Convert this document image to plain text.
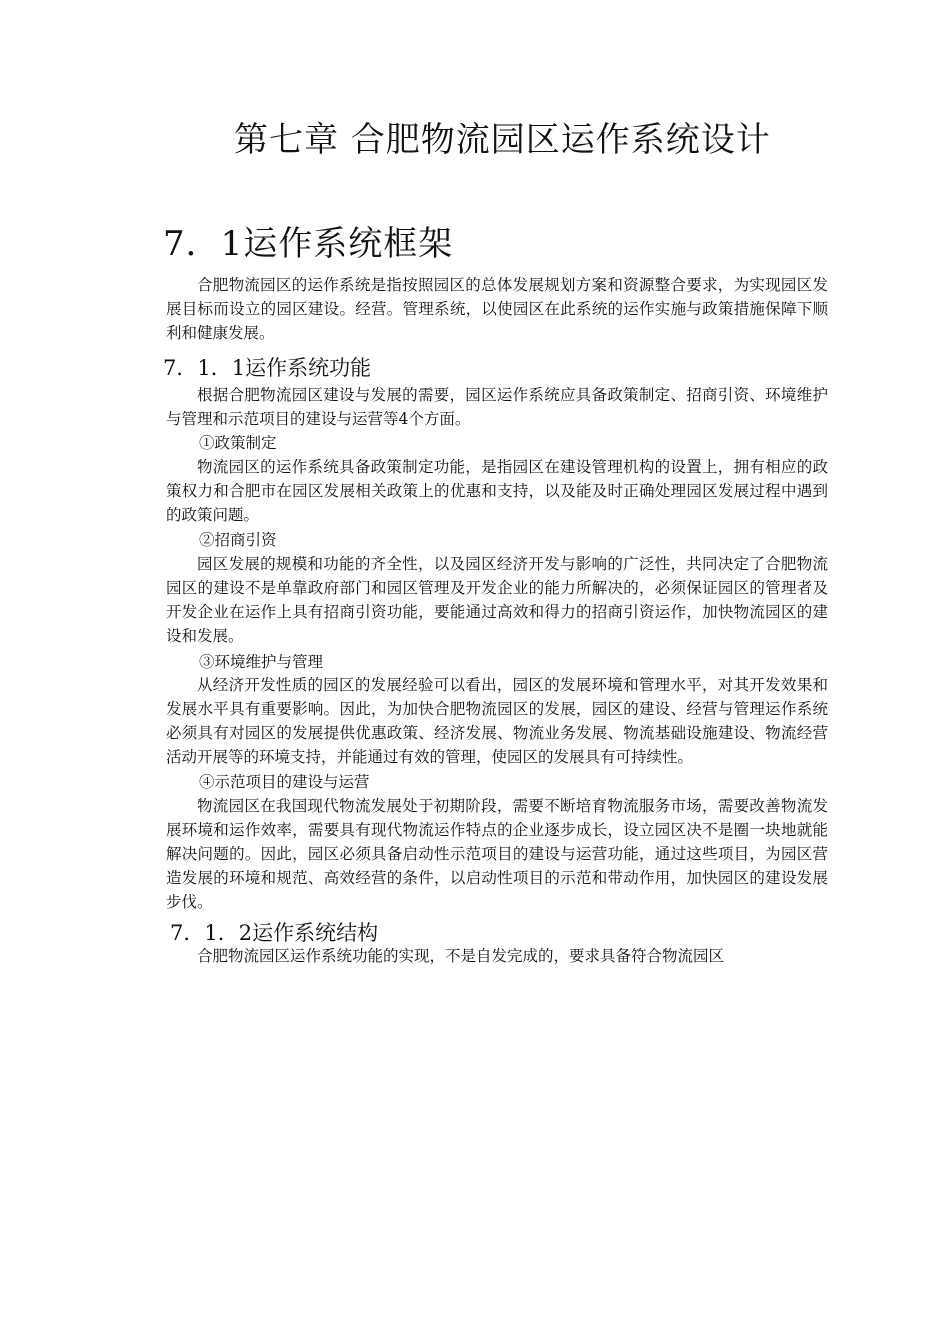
第七章 合肥物流园区运作系统设计
7．1运作系统框架

合肥物流园区的运作系统是指按照园区的总体发展规划方案和资源整合要求，为实现园区发展目标而设立的园区建设。经营。管理系统，以使园区在此系统的运作实施与政策措施保障下顺利和健康发展。

7．1．1运作系统功能

根据合肥物流园区建设与发展的需要，园区运作系统应具备政策制定、招商引资、环境维护与管理和示范项目的建设与运营等4个方面。

①政策制定

物流园区的运作系统具备政策制定功能，是指园区在建设管理机构的设置上，拥有相应的政策权力和合肥市在园区发展相关政策上的优惠和支持，以及能及时正确处理园区发展过程中遇到的政策问题。

②招商引资

园区发展的规模和功能的齐全性，以及园区经济开发与影响的广泛性，共同决定了合肥物流园区的建设不是单靠政府部门和园区管理及开发企业的能力所解决的，必须保证园区的管理者及开发企业在运作上具有招商引资功能，要能通过高效和得力的招商引资运作，加快物流园区的建设和发展。

③环境维护与管理

从经济开发性质的园区的发展经验可以看出，园区的发展环境和管理水平，对其开发效果和发展水平具有重要影响。因此，为加快合肥物流园区的发展，园区的建设、经营与管理运作系统必须具有对园区的发展提供优惠政策、经济发展、物流业务发展、物流基础设施建设、物流经营活动开展等的环境支持，并能通过有效的管理，使园区的发展具有可持续性。

④示范项目的建设与运营

物流园区在我国现代物流发展处于初期阶段，需要不断培育物流服务市场，需要改善物流发展环境和运作效率，需要具有现代物流运作特点的企业逐步成长，设立园区决不是圈一块地就能解决问题的。因此，园区必须具备启动性示范项目的建设与运营功能，通过这些项目，为园区营造发展的环境和规范、高效经营的条件，以启动性项目的示范和带动作用，加快园区的建设发展步伐。

7．1．2运作系统结构

合肥物流园区运作系统功能的实现，不是自发完成的，要求具备符合物流园区
